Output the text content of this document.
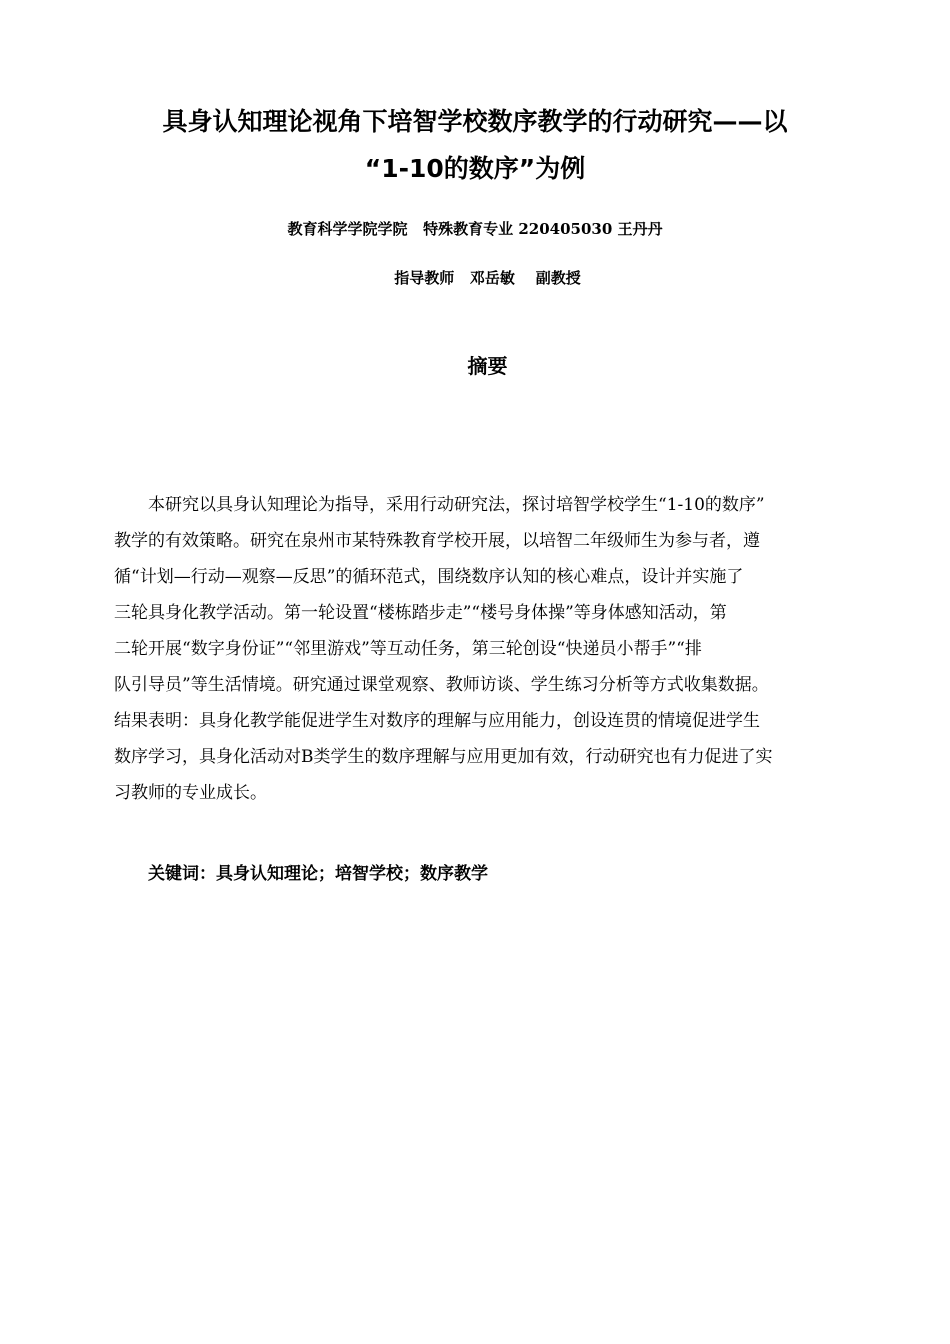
具身认知理论视角下培智学校数序教学的行动研究——以
“1-10的数序”为例
教育科学学院学院 特殊教育专业 220405030 王丹丹
指导教师 邓岳敏 副教授
摘要
本研究以具身认知理论为指导，采用行动研究法，探讨培智学校学生“1-10的数序”
教学的有效策略。研究在泉州市某特殊教育学校开展，以培智二年级师生为参与者，遵
循“计划—行动—观察—反思”的循环范式，围绕数序认知的核心难点，设计并实施了
三轮具身化教学活动。第一轮设置“楼栋踏步走”“楼号身体操”等身体感知活动，第
二轮开展“数字身份证”“邻里游戏”等互动任务，第三轮创设“快递员小帮手”“排
队引导员”等生活情境。研究通过课堂观察、教师访谈、学生练习分析等方式收集数据。
结果表明：具身化教学能促进学生对数序的理解与应用能力，创设连贯的情境促进学生
数序学习，具身化活动对B类学生的数序理解与应用更加有效，行动研究也有力促进了实
习教师的专业成长。
关键词：具身认知理论；培智学校；数序教学
